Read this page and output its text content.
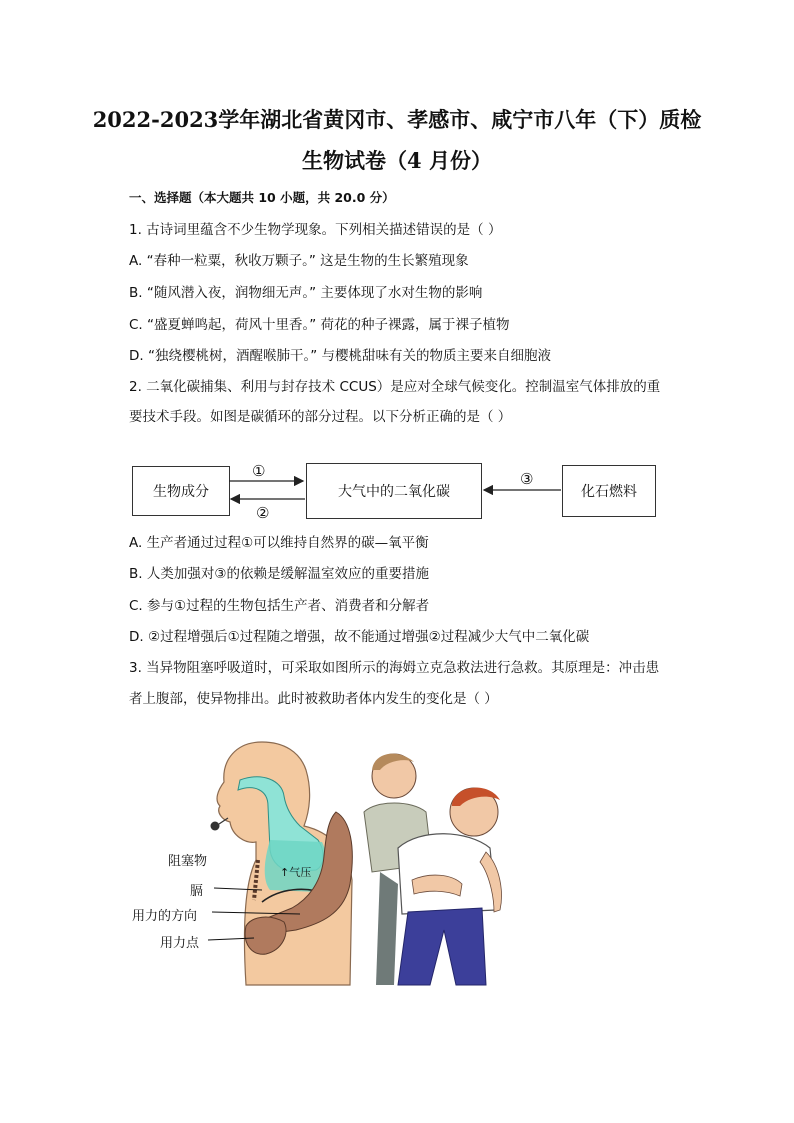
2022-2023学年湖北省黄冈市、孝感市、咸宁市八年（下）质检
生物试卷（4 月份）
一、选择题（本大题共 10 小题，共 20.0 分）
1. 古诗词里蕴含不少生物学现象。下列相关描述错误的是（ ）
A. “春种一粒粟，秋收万颗子。” 这是生物的生长繁殖现象
B. “随风潜入夜，润物细无声。” 主要体现了水对生物的影响
C. “盛夏蝉鸣起，荷风十里香。” 荷花的种子裸露，属于裸子植物
D. “独绕樱桃树，酒醒喉肺干。” 与樱桃甜味有关的物质主要来自细胞液
2. 二氧化碳捕集、利用与封存技术 CCUS）是应对全球气候变化。控制温室气体排放的重
要技术手段。如图是碳循环的部分过程。以下分析正确的是（ ）
生物成分	大气中的二氧化碳	化石燃料
①
②
③
A. 生产者通过过程①可以维持自然界的碳—氧平衡
B. 人类加强对③的依赖是缓解温室效应的重要措施
C. 参与①过程的生物包括生产者、消费者和分解者
D. ②过程增强后①过程随之增强，故不能通过增强②过程减少大气中二氧化碳
3. 当异物阻塞呼吸道时，可采取如图所示的海姆立克急救法进行急救。其原理是：冲击患
者上腹部，使异物排出。此时被救助者体内发生的变化是（ ）
阻塞物
↑气压
膈
用力的方向
用力点
